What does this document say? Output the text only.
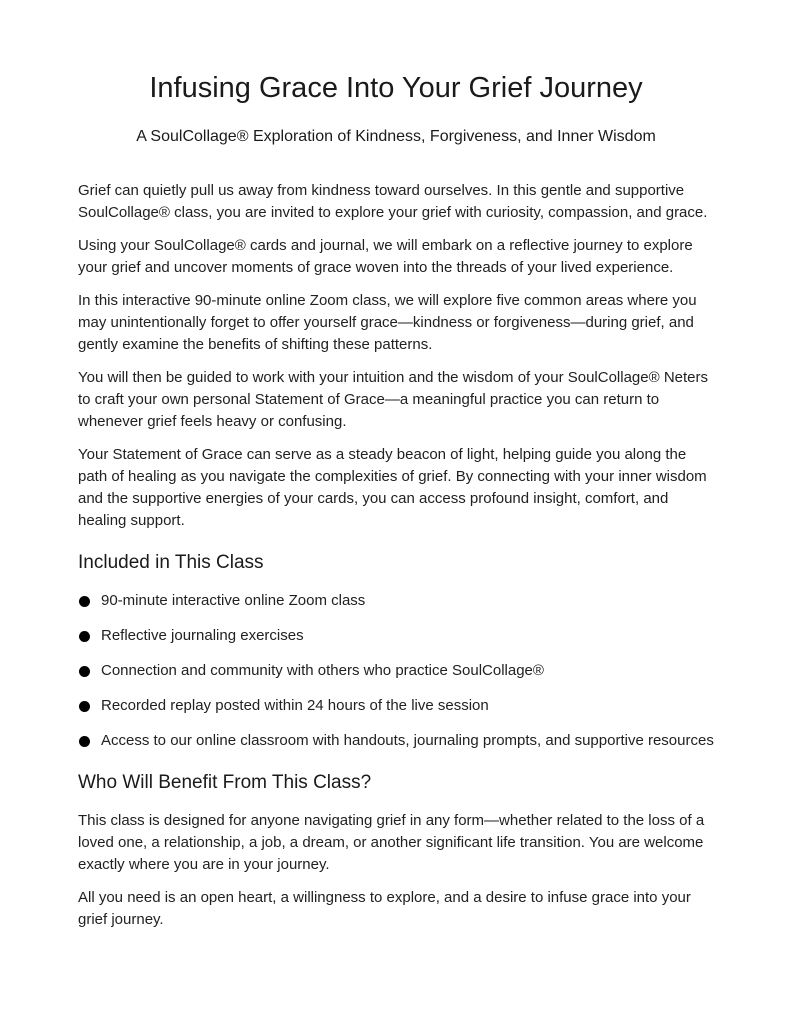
Infusing Grace Into Your Grief Journey
A SoulCollage® Exploration of Kindness, Forgiveness, and Inner Wisdom

Grief can quietly pull us away from kindness toward ourselves. In this gentle and supportive SoulCollage® class, you are invited to explore your grief with curiosity, compassion, and grace.

Using your SoulCollage® cards and journal, we will embark on a reflective journey to explore your grief and uncover moments of grace woven into the threads of your lived experience.

In this interactive 90-minute online Zoom class, we will explore five common areas where you may unintentionally forget to offer yourself grace—kindness or forgiveness—during grief, and gently examine the benefits of shifting these patterns.

You will then be guided to work with your intuition and the wisdom of your SoulCollage® Neters to craft your own personal Statement of Grace—a meaningful practice you can return to whenever grief feels heavy or confusing.

Your Statement of Grace can serve as a steady beacon of light, helping guide you along the path of healing as you navigate the complexities of grief. By connecting with your inner wisdom and the supportive energies of your cards, you can access profound insight, comfort, and healing support.

Included in This Class
90-minute interactive online Zoom class
Reflective journaling exercises
Connection and community with others who practice SoulCollage®
Recorded replay posted within 24 hours of the live session
Access to our online classroom with handouts, journaling prompts, and supportive resources
Who Will Benefit From This Class?

This class is designed for anyone navigating grief in any form—whether related to the loss of a loved one, a relationship, a job, a dream, or another significant life transition. You are welcome exactly where you are in your journey.

All you need is an open heart, a willingness to explore, and a desire to infuse grace into your grief journey.
